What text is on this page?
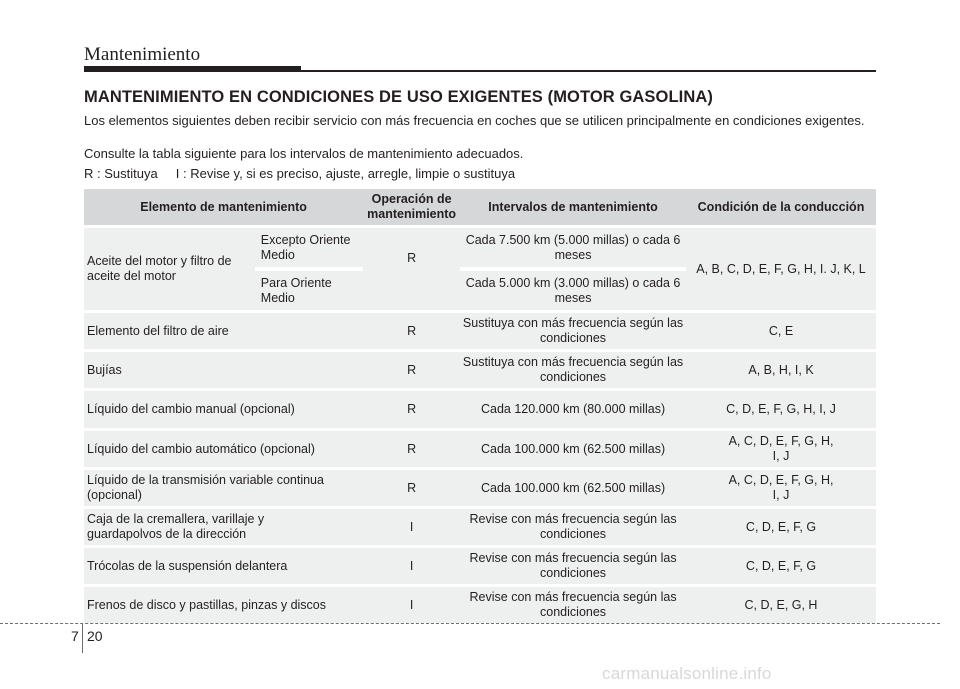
Mantenimiento
MANTENIMIENTO EN CONDICIONES DE USO EXIGENTES (MOTOR GASOLINA)
Los elementos siguientes deben recibir servicio con más frecuencia en coches que se utilicen principalmente en condiciones exigentes.
Consulte la tabla siguiente para los intervalos de mantenimiento adecuados.
R : Sustituya     I : Revise y, si es preciso, ajuste, arregle, limpie o sustituya
Elemento de mantenimiento		Operación de mantenimiento	Intervalos de mantenimiento	Condición de la conducción
Aceite del motor y filtro de aceite del motor	Excepto Oriente Medio	R	Cada 7.500 km (5.000 millas) o cada 6 meses	A, B, C, D, E, F, G, H, I. J, K, L
	Para Oriente Medio		Cada 5.000 km (3.000 millas) o cada 6 meses	
Elemento del filtro de aire		R	Sustituya con más frecuencia según las condiciones	C, E
Bujías		R	Sustituya con más frecuencia según las condiciones	A, B, H, I, K
Líquido del cambio manual (opcional)		R	Cada 120.000 km (80.000 millas)	C, D, E, F, G, H, I, J
Líquido del cambio automático (opcional)		R	Cada 100.000 km (62.500 millas)	A, C, D, E, F, G, H, I, J
Líquido de la transmisión variable continua (opcional)		R	Cada 100.000 km (62.500 millas)	A, C, D, E, F, G, H, I, J
Caja de la cremallera, varillaje y guardapolvos de la dirección		I	Revise con más frecuencia según las condiciones	C, D, E, F, G
Trócolas de la suspensión delantera		I	Revise con más frecuencia según las condiciones	C, D, E, F, G
Frenos de disco y pastillas, pinzas y discos		I	Revise con más frecuencia según las condiciones	C, D, E, G, H
7 20
carmanualsonline.info
